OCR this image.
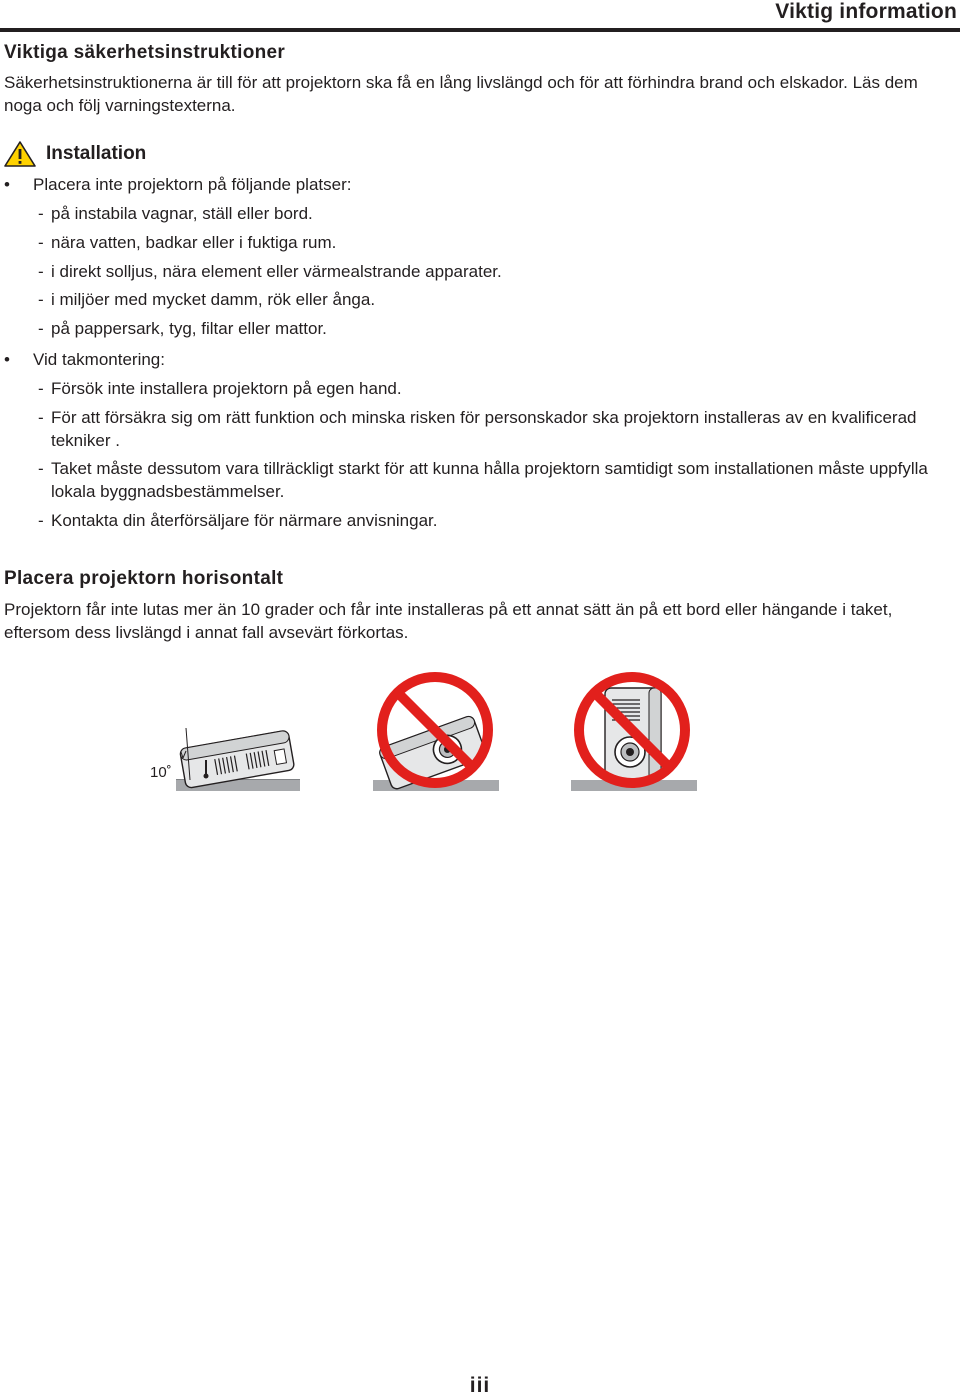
Viktig information
Viktiga säkerhetsinstruktioner
Säkerhetsinstruktionerna är till för att projektorn ska få en lång livslängd och för att förhindra brand och elskador. Läs dem noga och följ varningstexterna.
Installation
• Placera inte projektorn på följande platser:
- på instabila vagnar, ställ eller bord.
- nära vatten, badkar eller i fuktiga rum.
- i direkt solljus, nära element eller värmealstrande apparater.
- i miljöer med mycket damm, rök eller ånga.
- på pappersark, tyg, filtar eller mattor.
• Vid takmontering:
- Försök inte installera projektorn på egen hand.
- För att försäkra sig om rätt funktion och minska risken för personskador ska projektorn installeras av en kvalificerad tekniker .
- Taket måste dessutom vara tillräckligt starkt för att kunna hålla projektorn samtidigt som installationen måste uppfylla lokala byggnadsbestämmelser.
- Kontakta din återförsäljare för närmare anvisningar.
Placera projektorn horisontalt
Projektorn får inte lutas mer än 10 grader och får inte installeras på ett annat sätt än på ett bord eller hängande i taket, eftersom dess livslängd i annat fall avsevärt förkortas.
10˚
iii
